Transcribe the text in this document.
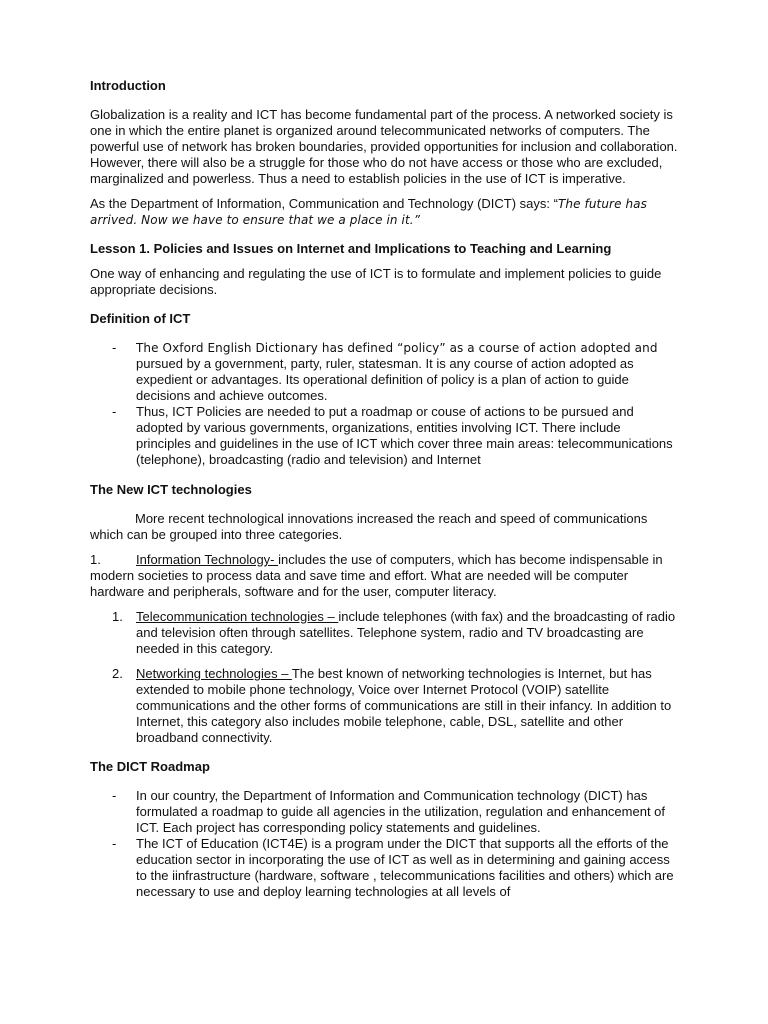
Introduction

Globalization is a reality and ICT has become fundamental part of the process. A networked society is one in which the entire planet is organized around telecommunicated networks of computers. The powerful use of network has broken boundaries, provided opportunities for inclusion and collaboration. However, there will also be a struggle for those who do not have access or those who are excluded, marginalized and powerless. Thus a need to establish policies in the use of ICT is imperative.

As the Department of Information, Communication and Technology (DICT) says: “The future has arrived. Now we have to ensure that we a place in it.”

Lesson 1. Policies and Issues on Internet and Implications to Teaching and Learning

One way of enhancing and regulating the use of ICT is to formulate and implement policies to guide appropriate decisions.

Definition of ICT
- The Oxford English Dictionary has defined “policy” as a course of action adopted and pursued by a government, party, ruler, statesman. It is any course of action adopted as expedient or advantages. Its operational definition of policy is a plan of action to guide decisions and achieve outcomes.
- Thus, ICT Policies are needed to put a roadmap or couse of actions to be pursued and adopted by various governments, organizations, entities involving ICT. There include principles and guidelines in the use of ICT which cover three main areas: telecommunications (telephone), broadcasting (radio and television) and Internet
The New ICT technologies

More recent technological innovations increased the reach and speed of communications which can be grouped into three categories.

1.	Information Technology- includes the use of computers, which has become indispensable in modern societies to process data and save time and effort. What are needed will be computer hardware and peripherals, software and for the user, computer literacy.

1. Telecommunication technologies – include telephones (with fax) and the broadcasting of radio and television often through satellites. Telephone system, radio and TV broadcasting are needed in this category.
2. Networking technologies – The best known of networking technologies is Internet, but has extended to mobile phone technology, Voice over Internet Protocol (VOIP) satellite communications and the other forms of communications are still in their infancy. In addition to Internet, this category also includes mobile telephone, cable, DSL, satellite and other broadband connectivity.
The DICT Roadmap
- In our country, the Department of Information and Communication technology (DICT) has formulated a roadmap to guide all agencies in the utilization, regulation and enhancement of ICT. Each project has corresponding policy statements and guidelines.
- The ICT of Education (ICT4E) is a program under the DICT that supports all the efforts of the education sector in incorporating the use of ICT as well as in determining and gaining access to the iinfrastructure (hardware, software , telecommunications facilities and others) which are necessary to use and deploy learning technologies at all levels of
